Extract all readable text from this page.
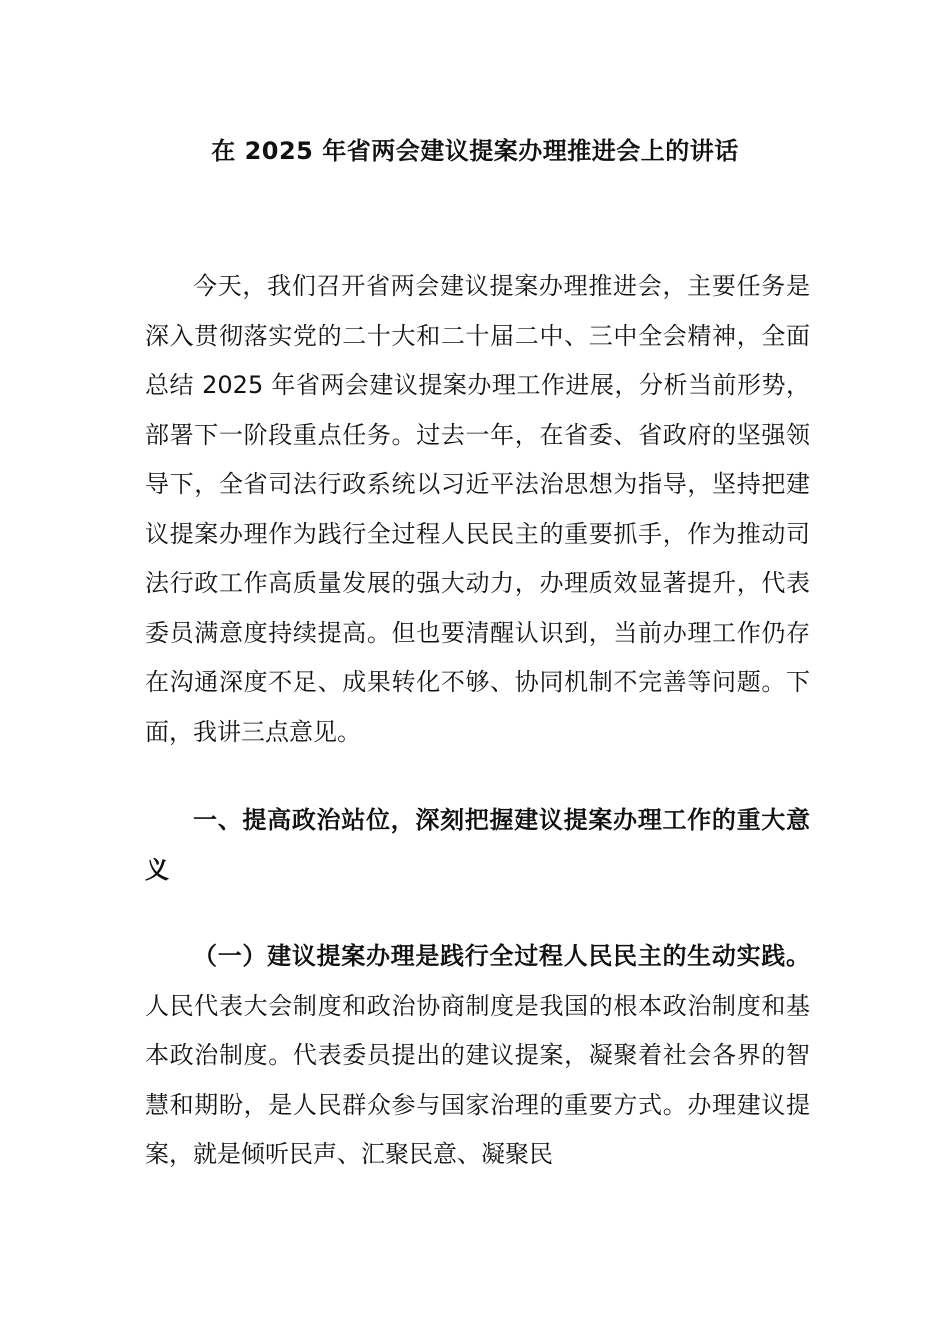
在 2025 年省两会建议提案办理推进会上的讲话

今天，我们召开省两会建议提案办理推进会，主要任务是深入贯彻落实党的二十大和二十届二中、三中全会精神，全面总结 2025 年省两会建议提案办理工作进展，分析当前形势，部署下一阶段重点任务。过去一年，在省委、省政府的坚强领导下，全省司法行政系统以习近平法治思想为指导，坚持把建议提案办理作为践行全过程人民民主的重要抓手，作为推动司法行政工作高质量发展的强大动力，办理质效显著提升，代表委员满意度持续提高。但也要清醒认识到，当前办理工作仍存在沟通深度不足、成果转化不够、协同机制不完善等问题。下面，我讲三点意见。

一、提高政治站位，深刻把握建议提案办理工作的重大意义

（一）建议提案办理是践行全过程人民民主的生动实践。人民代表大会制度和政治协商制度是我国的根本政治制度和基本政治制度。代表委员提出的建议提案，凝聚着社会各界的智慧和期盼，是人民群众参与国家治理的重要方式。办理建议提案，就是倾听民声、汇聚民意、凝聚民
